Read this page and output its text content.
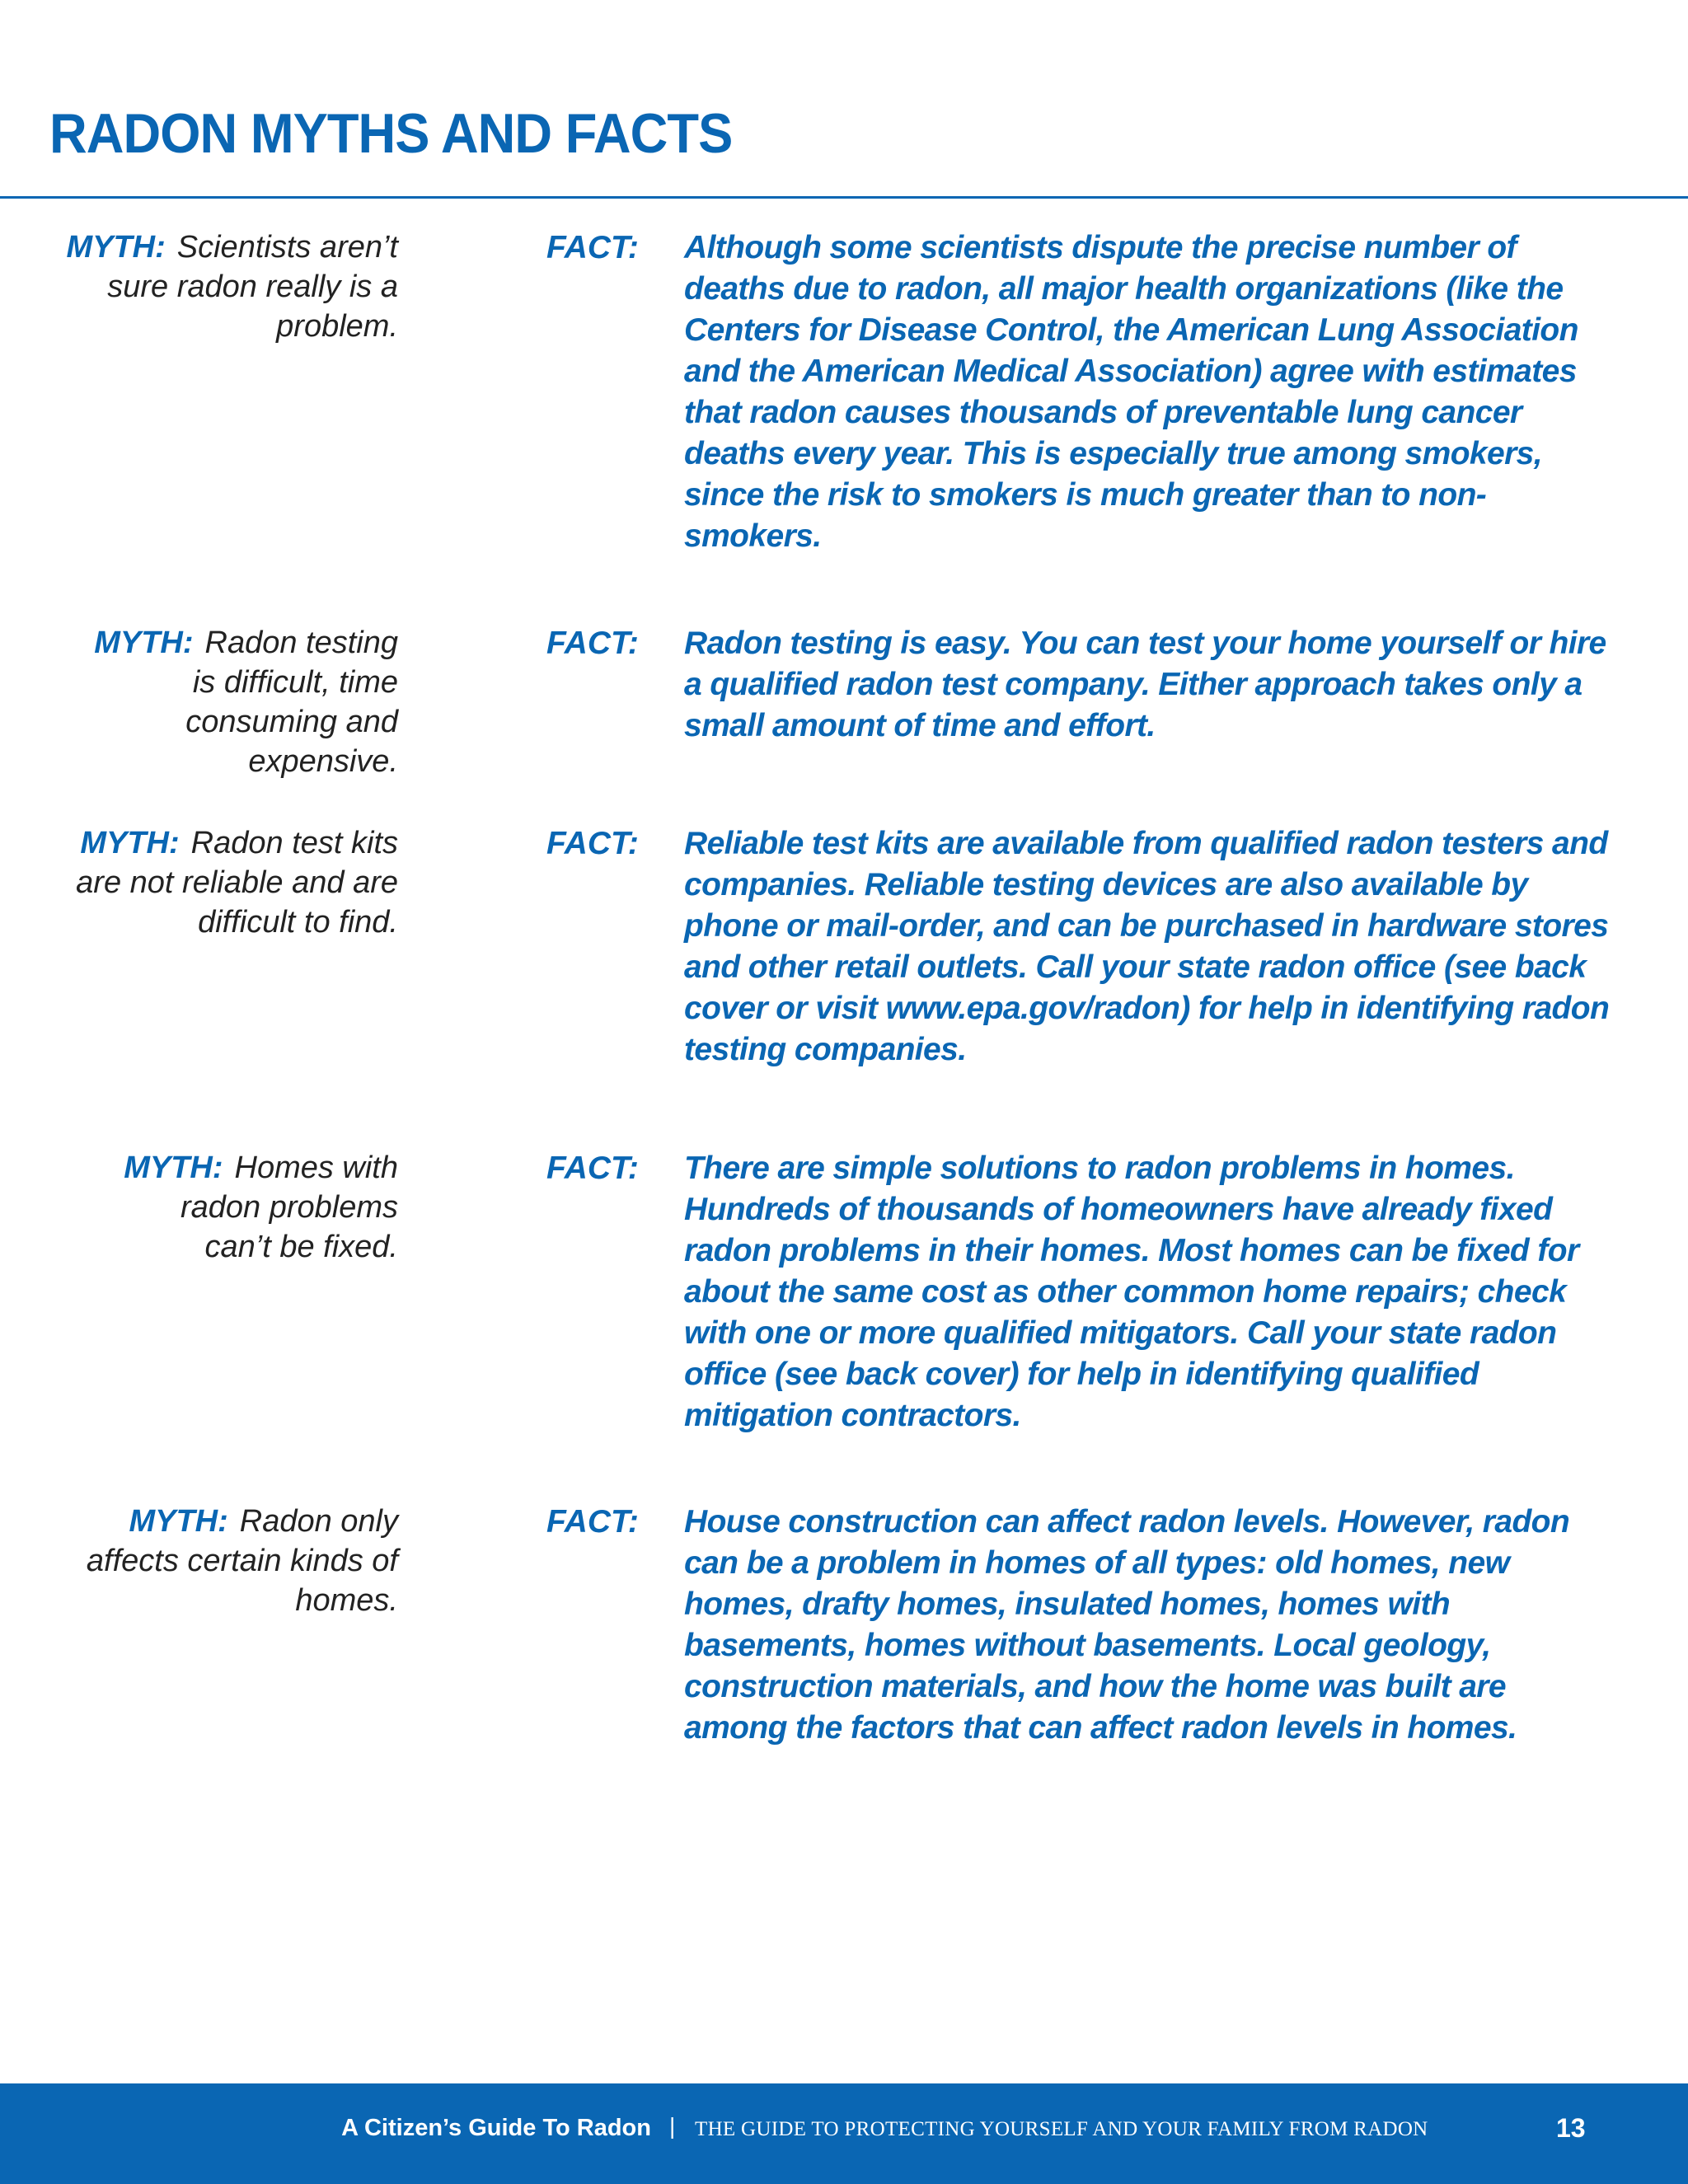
RADON MYTHS AND FACTS
MYTH: Scientists aren’t sure radon really is a problem.
FACT: Although some scientists dispute the precise number of deaths due to radon, all major health organizations (like the Centers for Disease Control, the American Lung Association and the American Medical Association) agree with estimates that radon causes thousands of preventable lung cancer deaths every year. This is especially true among smokers, since the risk to smokers is much greater than to non-smokers.
MYTH: Radon testing is difficult, time consuming and expensive.
FACT: Radon testing is easy. You can test your home yourself or hire a qualified radon test company. Either approach takes only a small amount of time and effort.
MYTH: Radon test kits are not reliable and are difficult to find.
FACT: Reliable test kits are available from qualified radon testers and companies. Reliable testing devices are also available by phone or mail-order, and can be purchased in hardware stores and other retail outlets. Call your state radon office (see back cover or visit www.epa.gov/radon) for help in identifying radon testing companies.
MYTH: Homes with radon problems can’t be fixed.
FACT: There are simple solutions to radon problems in homes. Hundreds of thousands of homeowners have already fixed radon problems in their homes. Most homes can be fixed for about the same cost as other common home repairs; check with one or more qualified mitigators. Call your state radon office (see back cover) for help in identifying qualified mitigation contractors.
MYTH: Radon only affects certain kinds of homes.
FACT: House construction can affect radon levels. However, radon can be a problem in homes of all types: old homes, new homes, drafty homes, insulated homes, homes with basements, homes without basements. Local geology, construction materials, and how the home was built are among the factors that can affect radon levels in homes.
A Citizen’s Guide To Radon | THE GUIDE TO PROTECTING YOURSELF AND YOUR FAMILY FROM RADON	13
